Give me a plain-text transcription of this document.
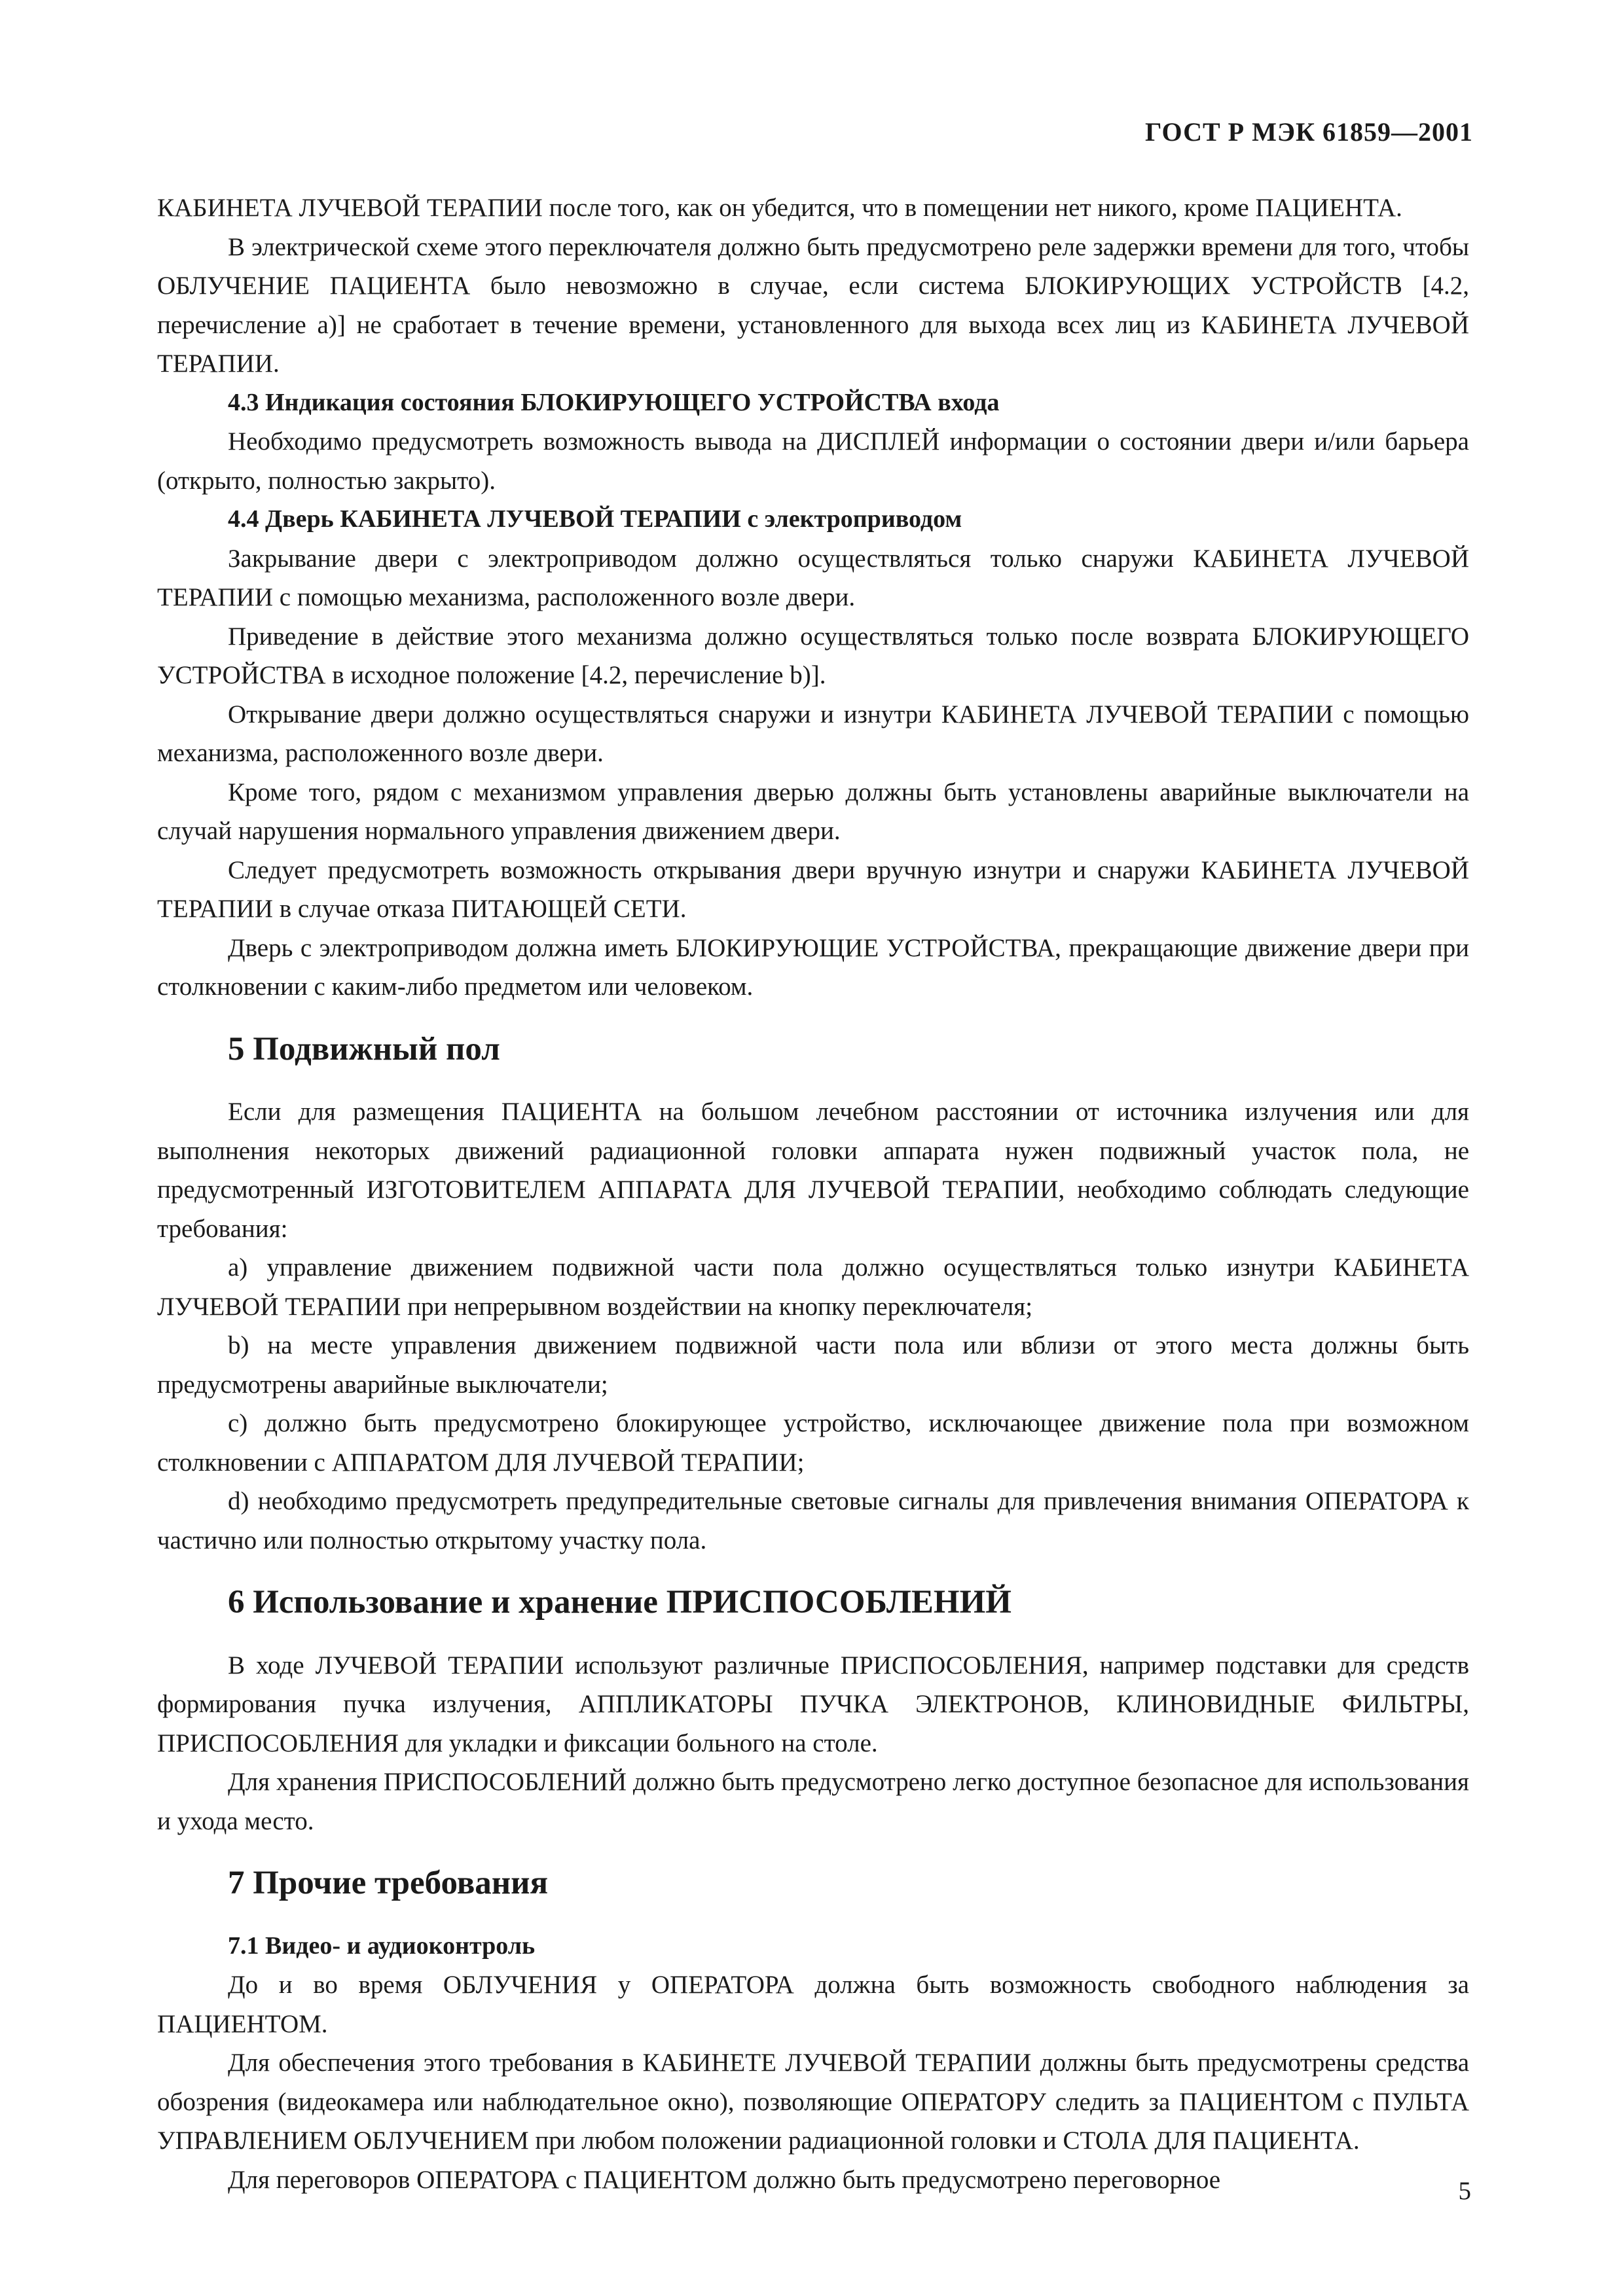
ГОСТ Р МЭК 61859—2001

КАБИНЕТА ЛУЧЕВОЙ ТЕРАПИИ после того, как он убедится, что в помещении нет никого, кроме ПАЦИЕНТА.

В электрической схеме этого переключателя должно быть предусмотрено реле задержки времени для того, чтобы ОБЛУЧЕНИЕ ПАЦИЕНТА было невозможно в случае, если система БЛОКИРУЮЩИХ УСТРОЙСТВ [4.2, перечисление а)] не сработает в течение времени, установленного для выхода всех лиц из КАБИНЕТА ЛУЧЕВОЙ ТЕРАПИИ.

4.3 Индикация состояния БЛОКИРУЮЩЕГО УСТРОЙСТВА входа

Необходимо предусмотреть возможность вывода на ДИСПЛЕЙ информации о состоянии двери и/или барьера (открыто, полностью закрыто).

4.4 Дверь КАБИНЕТА ЛУЧЕВОЙ ТЕРАПИИ с электроприводом

Закрывание двери с электроприводом должно осуществляться только снаружи КАБИНЕТА ЛУЧЕВОЙ ТЕРАПИИ с помощью механизма, расположенного возле двери.

Приведение в действие этого механизма должно осуществляться только после возврата БЛОКИРУЮЩЕГО УСТРОЙСТВА в исходное положение [4.2, перечисление b)].

Открывание двери должно осуществляться снаружи и изнутри КАБИНЕТА ЛУЧЕВОЙ ТЕРАПИИ с помощью механизма, расположенного возле двери.

Кроме того, рядом с механизмом управления дверью должны быть установлены аварийные выключатели на случай нарушения нормального управления движением двери.

Следует предусмотреть возможность открывания двери вручную изнутри и снаружи КАБИНЕТА ЛУЧЕВОЙ ТЕРАПИИ в случае отказа ПИТАЮЩЕЙ СЕТИ.

Дверь с электроприводом должна иметь БЛОКИРУЮЩИЕ УСТРОЙСТВА, прекращающие движение двери при столкновении с каким-либо предметом или человеком.

5 Подвижный пол

Если для размещения ПАЦИЕНТА на большом лечебном расстоянии от источника излучения или для выполнения некоторых движений радиационной головки аппарата нужен подвижный участок пола, не предусмотренный ИЗГОТОВИТЕЛЕМ АППАРАТА ДЛЯ ЛУЧЕВОЙ ТЕРАПИИ, необходимо соблюдать следующие требования:

а) управление движением подвижной части пола должно осуществляться только изнутри КАБИНЕТА ЛУЧЕВОЙ ТЕРАПИИ при непрерывном воздействии на кнопку переключателя;

b) на месте управления движением подвижной части пола или вблизи от этого места должны быть предусмотрены аварийные выключатели;

с) должно быть предусмотрено блокирующее устройство, исключающее движение пола при возможном столкновении с АППАРАТОМ ДЛЯ ЛУЧЕВОЙ ТЕРАПИИ;

d) необходимо предусмотреть предупредительные световые сигналы для привлечения внимания ОПЕРАТОРА к частично или полностью открытому участку пола.

6 Использование и хранение ПРИСПОСОБЛЕНИЙ

В ходе ЛУЧЕВОЙ ТЕРАПИИ используют различные ПРИСПОСОБЛЕНИЯ, например подставки для средств формирования пучка излучения, АППЛИКАТОРЫ ПУЧКА ЭЛЕКТРОНОВ, КЛИНОВИДНЫЕ ФИЛЬТРЫ, ПРИСПОСОБЛЕНИЯ для укладки и фиксации больного на столе.

Для хранения ПРИСПОСОБЛЕНИЙ должно быть предусмотрено легко доступное безопасное для использования и ухода место.

7 Прочие требования

7.1 Видео- и аудиоконтроль

До и во время ОБЛУЧЕНИЯ у ОПЕРАТОРА должна быть возможность свободного наблюдения за ПАЦИЕНТОМ.

Для обеспечения этого требования в КАБИНЕТЕ ЛУЧЕВОЙ ТЕРАПИИ должны быть предусмотрены средства обозрения (видеокамера или наблюдательное окно), позволяющие ОПЕРАТОРУ следить за ПАЦИЕНТОМ с ПУЛЬТА УПРАВЛЕНИЕМ ОБЛУЧЕНИЕМ при любом положении радиационной головки и СТОЛА ДЛЯ ПАЦИЕНТА.

Для переговоров ОПЕРАТОРА с ПАЦИЕНТОМ должно быть предусмотрено переговорное	5
